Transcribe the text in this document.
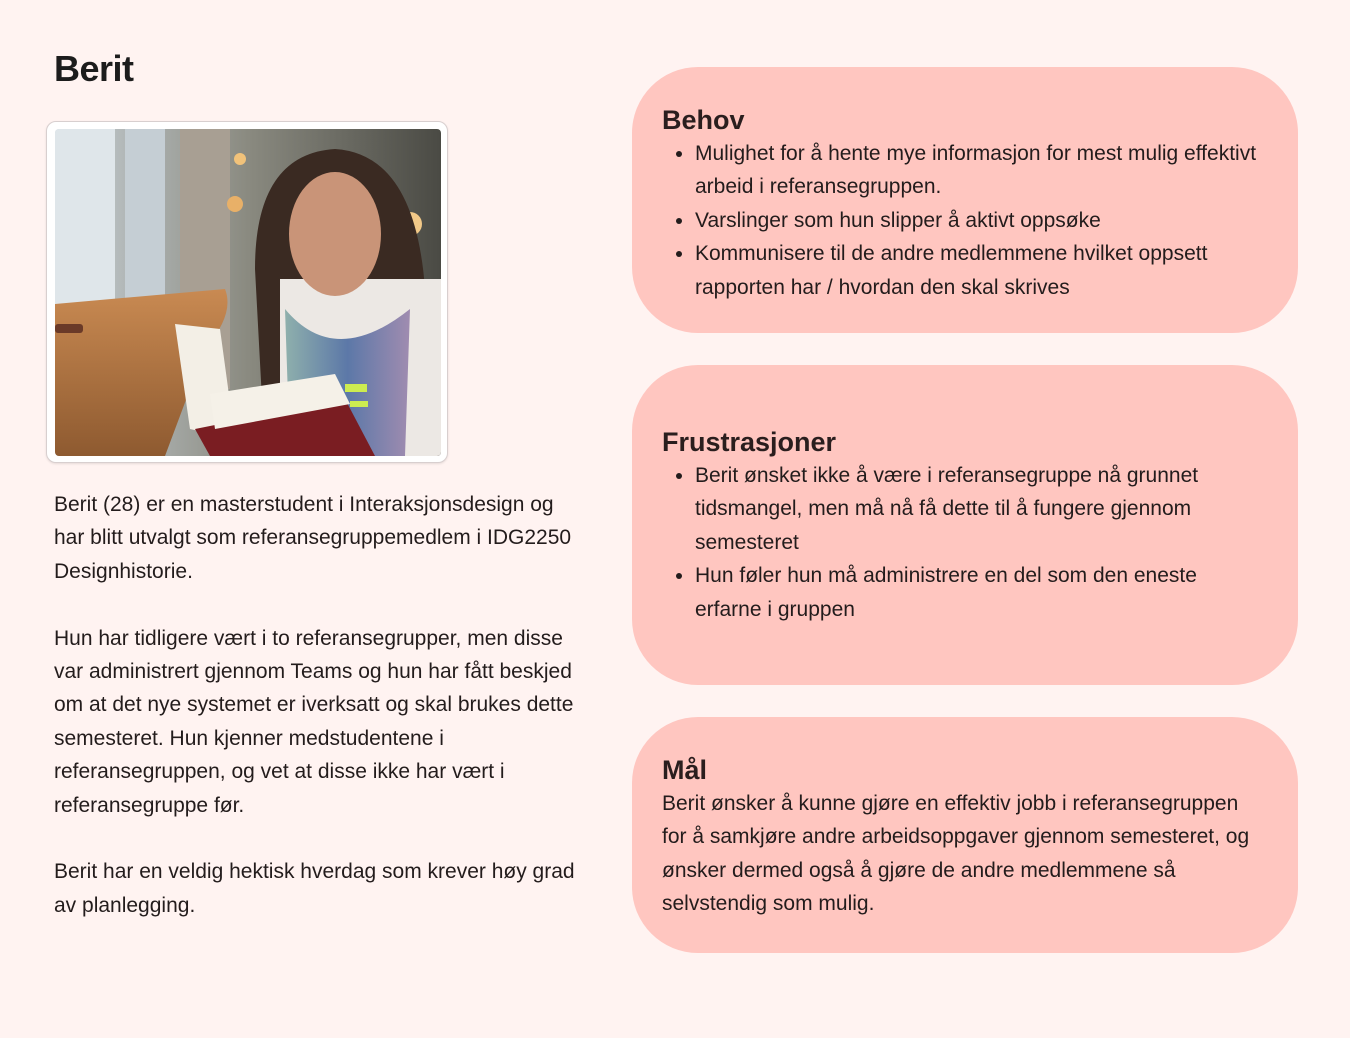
Berit

Berit (28) er en masterstudent i Interaksjonsdesign og har blitt utvalgt som referansegruppemedlem i IDG2250 Designhistorie.

Hun har tidligere vært i to referansegrupper, men disse var administrert gjennom Teams og hun har fått beskjed om at det nye systemet er iverksatt og skal brukes dette semesteret. Hun kjenner medstudentene i referansegruppen, og vet at disse ikke har vært i referansegruppe før.

Berit har en veldig hektisk hverdag som krever høy grad av planlegging.

Behov
• Mulighet for å hente mye informasjon for mest mulig effektivt arbeid i referansegruppen.
• Varslinger som hun slipper å aktivt oppsøke
• Kommunisere til de andre medlemmene hvilket oppsett rapporten har / hvordan den skal skrives
Frustrasjoner
• Berit ønsket ikke å være i referansegruppe nå grunnet tidsmangel, men må nå få dette til å fungere gjennom semesteret
• Hun føler hun må administrere en del som den eneste erfarne i gruppen
Mål

Berit ønsker å kunne gjøre en effektiv jobb i referansegruppen for å samkjøre andre arbeidsoppgaver gjennom semesteret, og ønsker dermed også å gjøre de andre medlemmene så selvstendig som mulig.
